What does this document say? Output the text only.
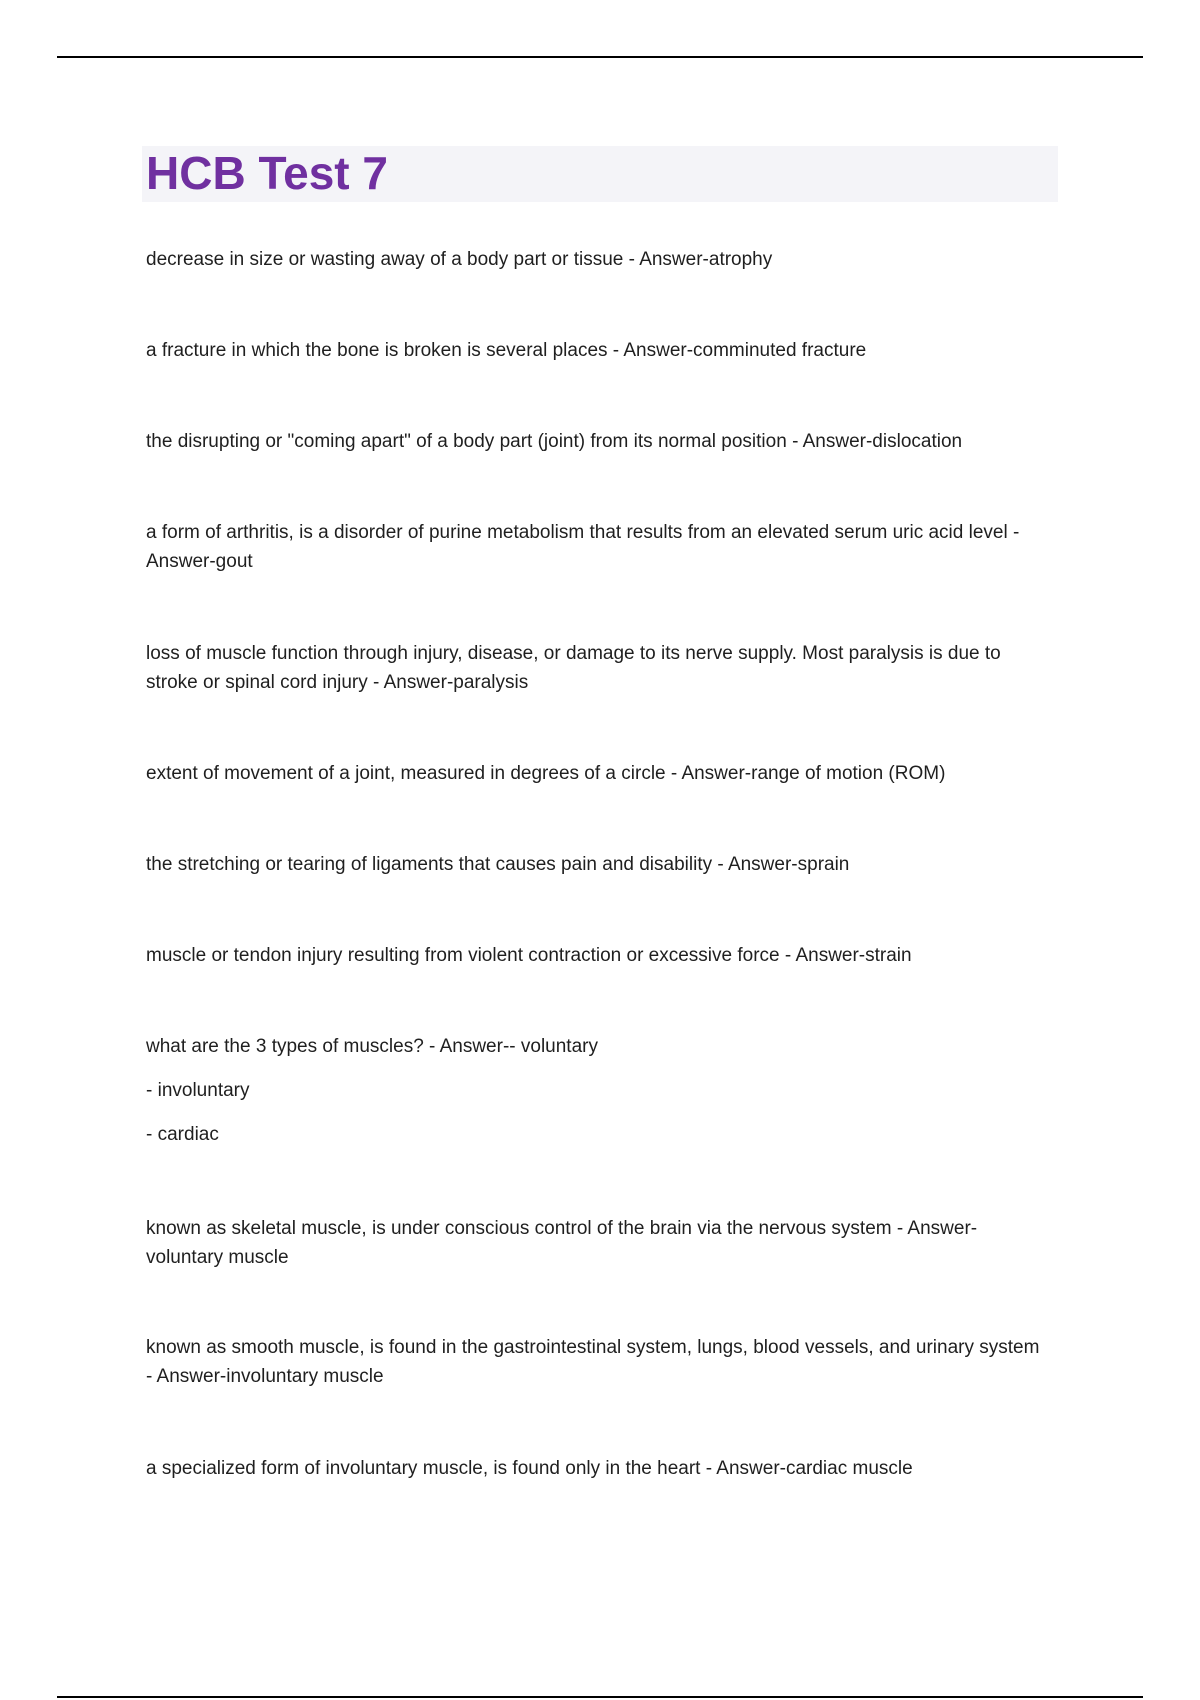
HCB Test 7

decrease in size or wasting away of a body part or tissue - Answer-atrophy

a fracture in which the bone is broken is several places - Answer-comminuted fracture

the disrupting or "coming apart" of a body part (joint) from its normal position - Answer-dislocation

a form of arthritis, is a disorder of purine metabolism that results from an elevated serum uric acid level - Answer-gout

loss of muscle function through injury, disease, or damage to its nerve supply. Most paralysis is due to stroke or spinal cord injury - Answer-paralysis

extent of movement of a joint, measured in degrees of a circle - Answer-range of motion (ROM)

the stretching or tearing of ligaments that causes pain and disability - Answer-sprain

muscle or tendon injury resulting from violent contraction or excessive force - Answer-strain

what are the 3 types of muscles? - Answer-- voluntary

- involuntary

- cardiac

known as skeletal muscle, is under conscious control of the brain via the nervous system - Answer-voluntary muscle

known as smooth muscle, is found in the gastrointestinal system, lungs, blood vessels, and urinary system - Answer-involuntary muscle

a specialized form of involuntary muscle, is found only in the heart - Answer-cardiac muscle
